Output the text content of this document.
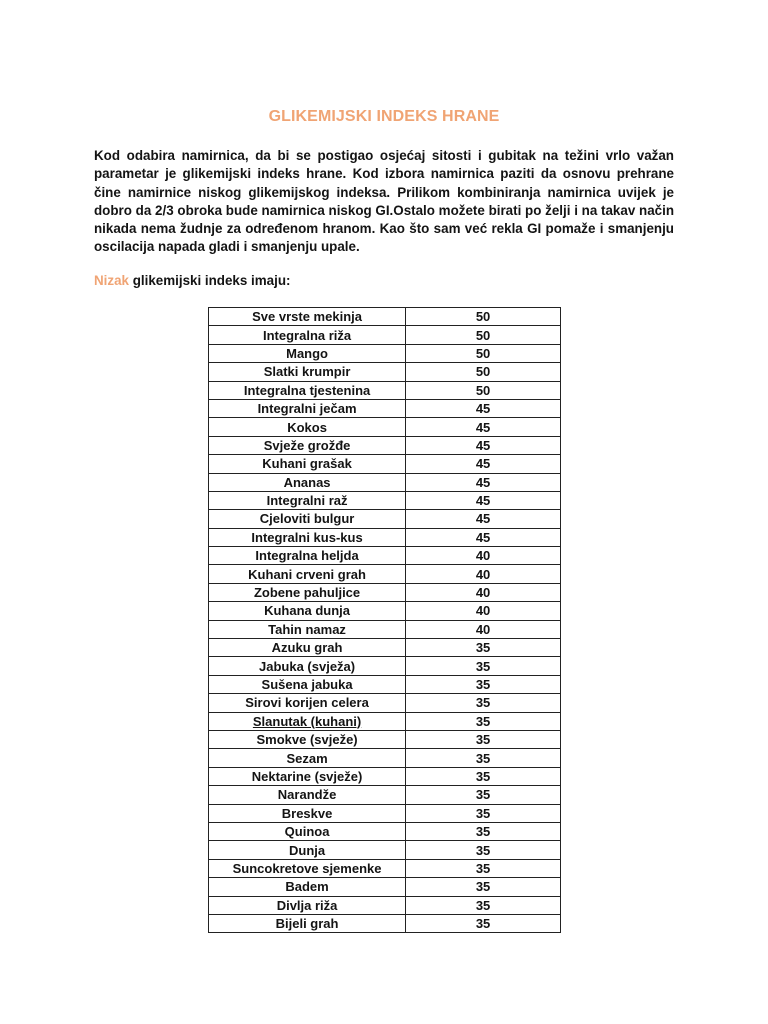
GLIKEMIJSKI INDEKS HRANE

Kod odabira namirnica, da bi se postigao osjećaj sitosti i gubitak na težini vrlo važan parametar je glikemijski indeks hrane. Kod izbora namirnica paziti da osnovu prehrane čine namirnice niskog glikemijskog indeksa. Prilikom kombiniranja namirnica uvijek je dobro da 2/3 obroka bude namirnica niskog GI.Ostalo možete birati po želji i na takav način nikada nema žudnje za određenom hranom. Kao što sam već rekla GI pomaže i smanjenju oscilacija napada gladi i smanjenju upale.

Nizak glikemijski indeks imaju:
Sve vrste mekinja	50
Integralna riža	50
Mango	50
Slatki krumpir	50
Integralna tjestenina	50
Integralni ječam	45
Kokos	45
Svježe grožđe	45
Kuhani grašak	45
Ananas	45
Integralni raž	45
Cjeloviti bulgur	45
Integralni kus-kus	45
Integralna heljda	40
Kuhani crveni grah	40
Zobene pahuljice	40
Kuhana dunja	40
Tahin namaz	40
Azuku grah	35
Jabuka (svježa)	35
Sušena jabuka	35
Sirovi korijen celera	35
Slanutak (kuhani)	35
Smokve (svježe)	35
Sezam	35
Nektarine (svježe)	35
Narandže	35
Breskve	35
Quinoa	35
Dunja	35
Suncokretove sjemenke	35
Badem	35
Divlja riža	35
Bijeli grah	35
